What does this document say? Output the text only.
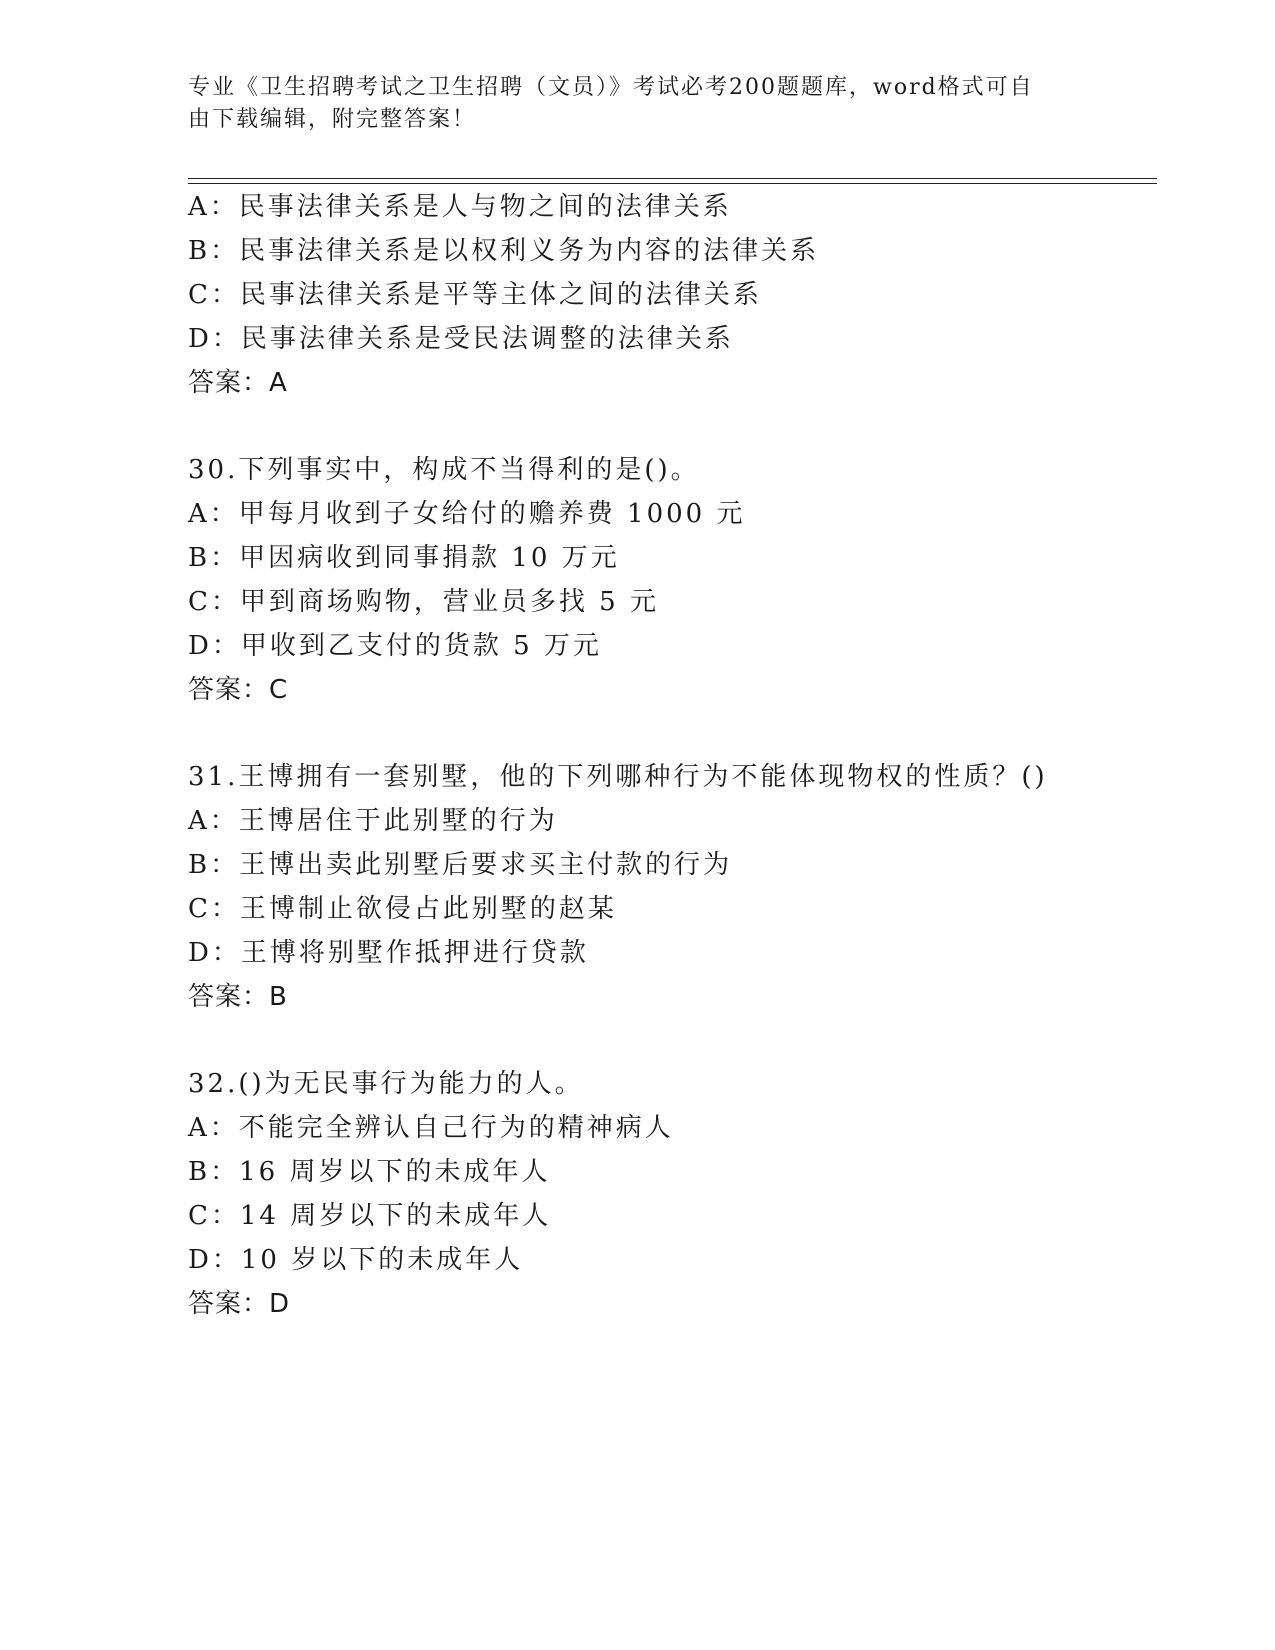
专业《卫生招聘考试之卫生招聘（文员）》考试必考200题题库，word格式可自
由下载编辑，附完整答案！
A：民事法律关系是人与物之间的法律关系
B：民事法律关系是以权利义务为内容的法律关系
C：民事法律关系是平等主体之间的法律关系
D：民事法律关系是受民法调整的法律关系
答案：A
30.下列事实中，构成不当得利的是()。
A：甲每月收到子女给付的赡养费 1000 元
B：甲因病收到同事捐款 10 万元
C：甲到商场购物，营业员多找 5 元
D：甲收到乙支付的货款 5 万元
答案：C
31.王博拥有一套别墅，他的下列哪种行为不能体现物权的性质？()
A：王博居住于此别墅的行为
B：王博出卖此别墅后要求买主付款的行为
C：王博制止欲侵占此别墅的赵某
D：王博将别墅作抵押进行贷款
答案：B
32.()为无民事行为能力的人。
A：不能完全辨认自己行为的精神病人
B：16 周岁以下的未成年人
C：14 周岁以下的未成年人
D：10 岁以下的未成年人
答案：D
